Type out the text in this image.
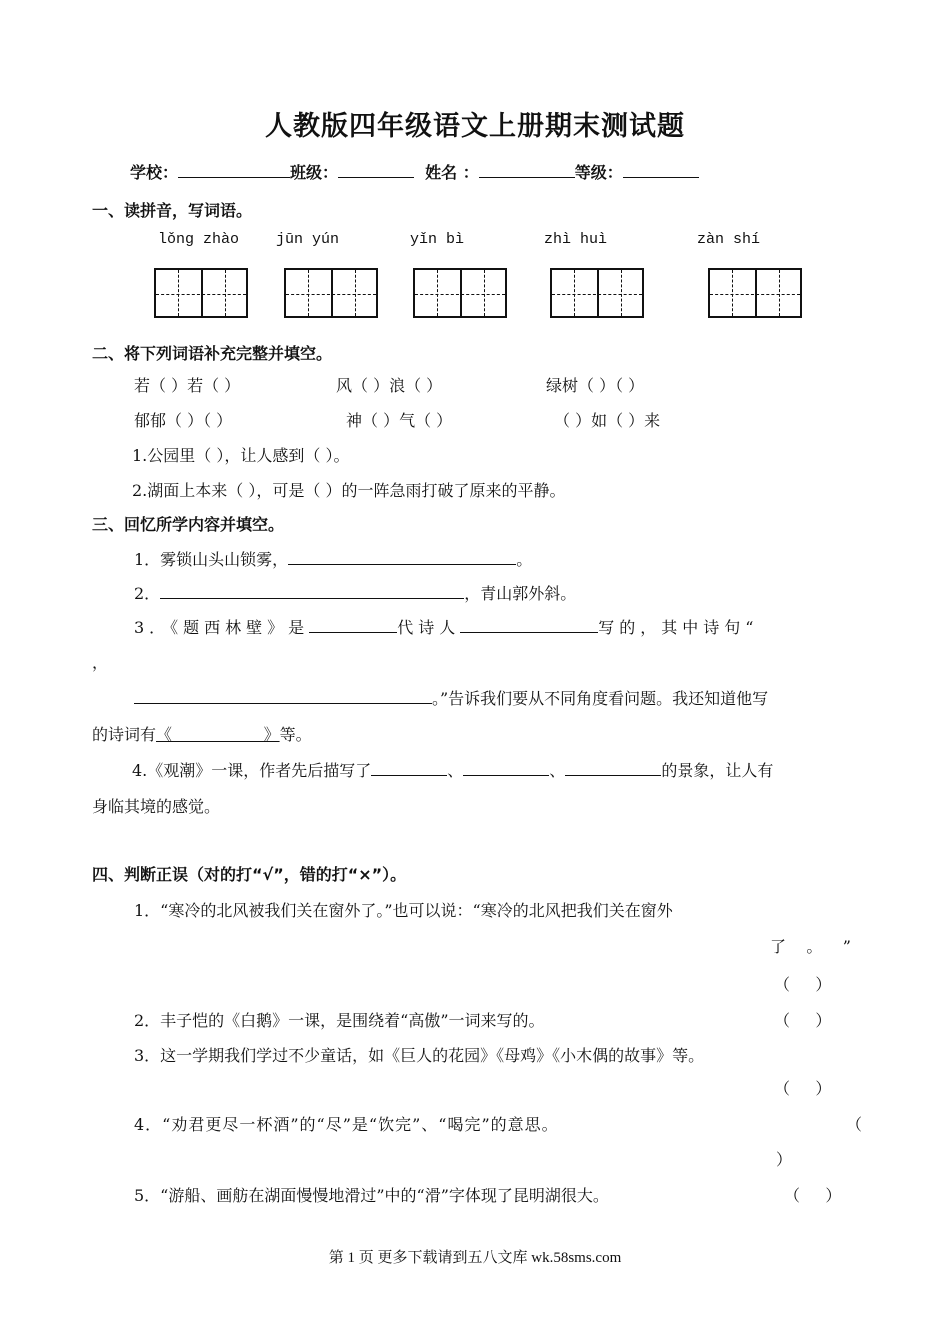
人教版四年级语文上册期末测试题
学校：	班级：	姓名 ：	等级：
一、读拼音，写词语。
lǒnɡ zhào jūn yún	yǐn bì	zhì huì	zàn shí
二、将下列词语补充完整并填空。
若（ ）若（ ）	风（ ）浪（ ）	绿树（ ）（ ）
郁郁（ ）（ ）	神（ ）气（ ）	（ ）如（ ）来
1.公园里（ ），让人感到（ ）。
2.湖面上本来（ ），可是（ ）的一阵急雨打破了原来的平静。
三、回忆所学内容并填空。
1．雾锁山头山锁雾，	。
2．	，青山郭外斜。
3．《题西林壁》是	代诗人	写的，其中诗句“
，
。”告诉我们要从不同角度看问题。我还知道他写
的诗词有《                  》等。
4.《观潮》一课，作者先后描写了	、	、	的景象，让人有
身临其境的感觉。
四、判断正误（对的打“√”，错的打“×”）。
1．“寒冷的北风被我们关在窗外了。”也可以说：“寒冷的北风把我们关在窗外
了    。    ”
（     ）
2．丰子恺的《白鹅》一课，是围绕着“高傲”一词来写的。	（     ）
3．这一学期我们学过不少童话，如《巨人的花园》《母鸡》《小木偶的故事》等。
（     ）
4．“劝君更尽一杯酒”的“尽”是“饮完”、“喝完”的意思。	（
）
5．“游船、画舫在湖面慢慢地滑过”中的“滑”字体现了昆明湖很大。	（     ）
第 1 页 更多下载请到五八文库 wk.58sms.com
